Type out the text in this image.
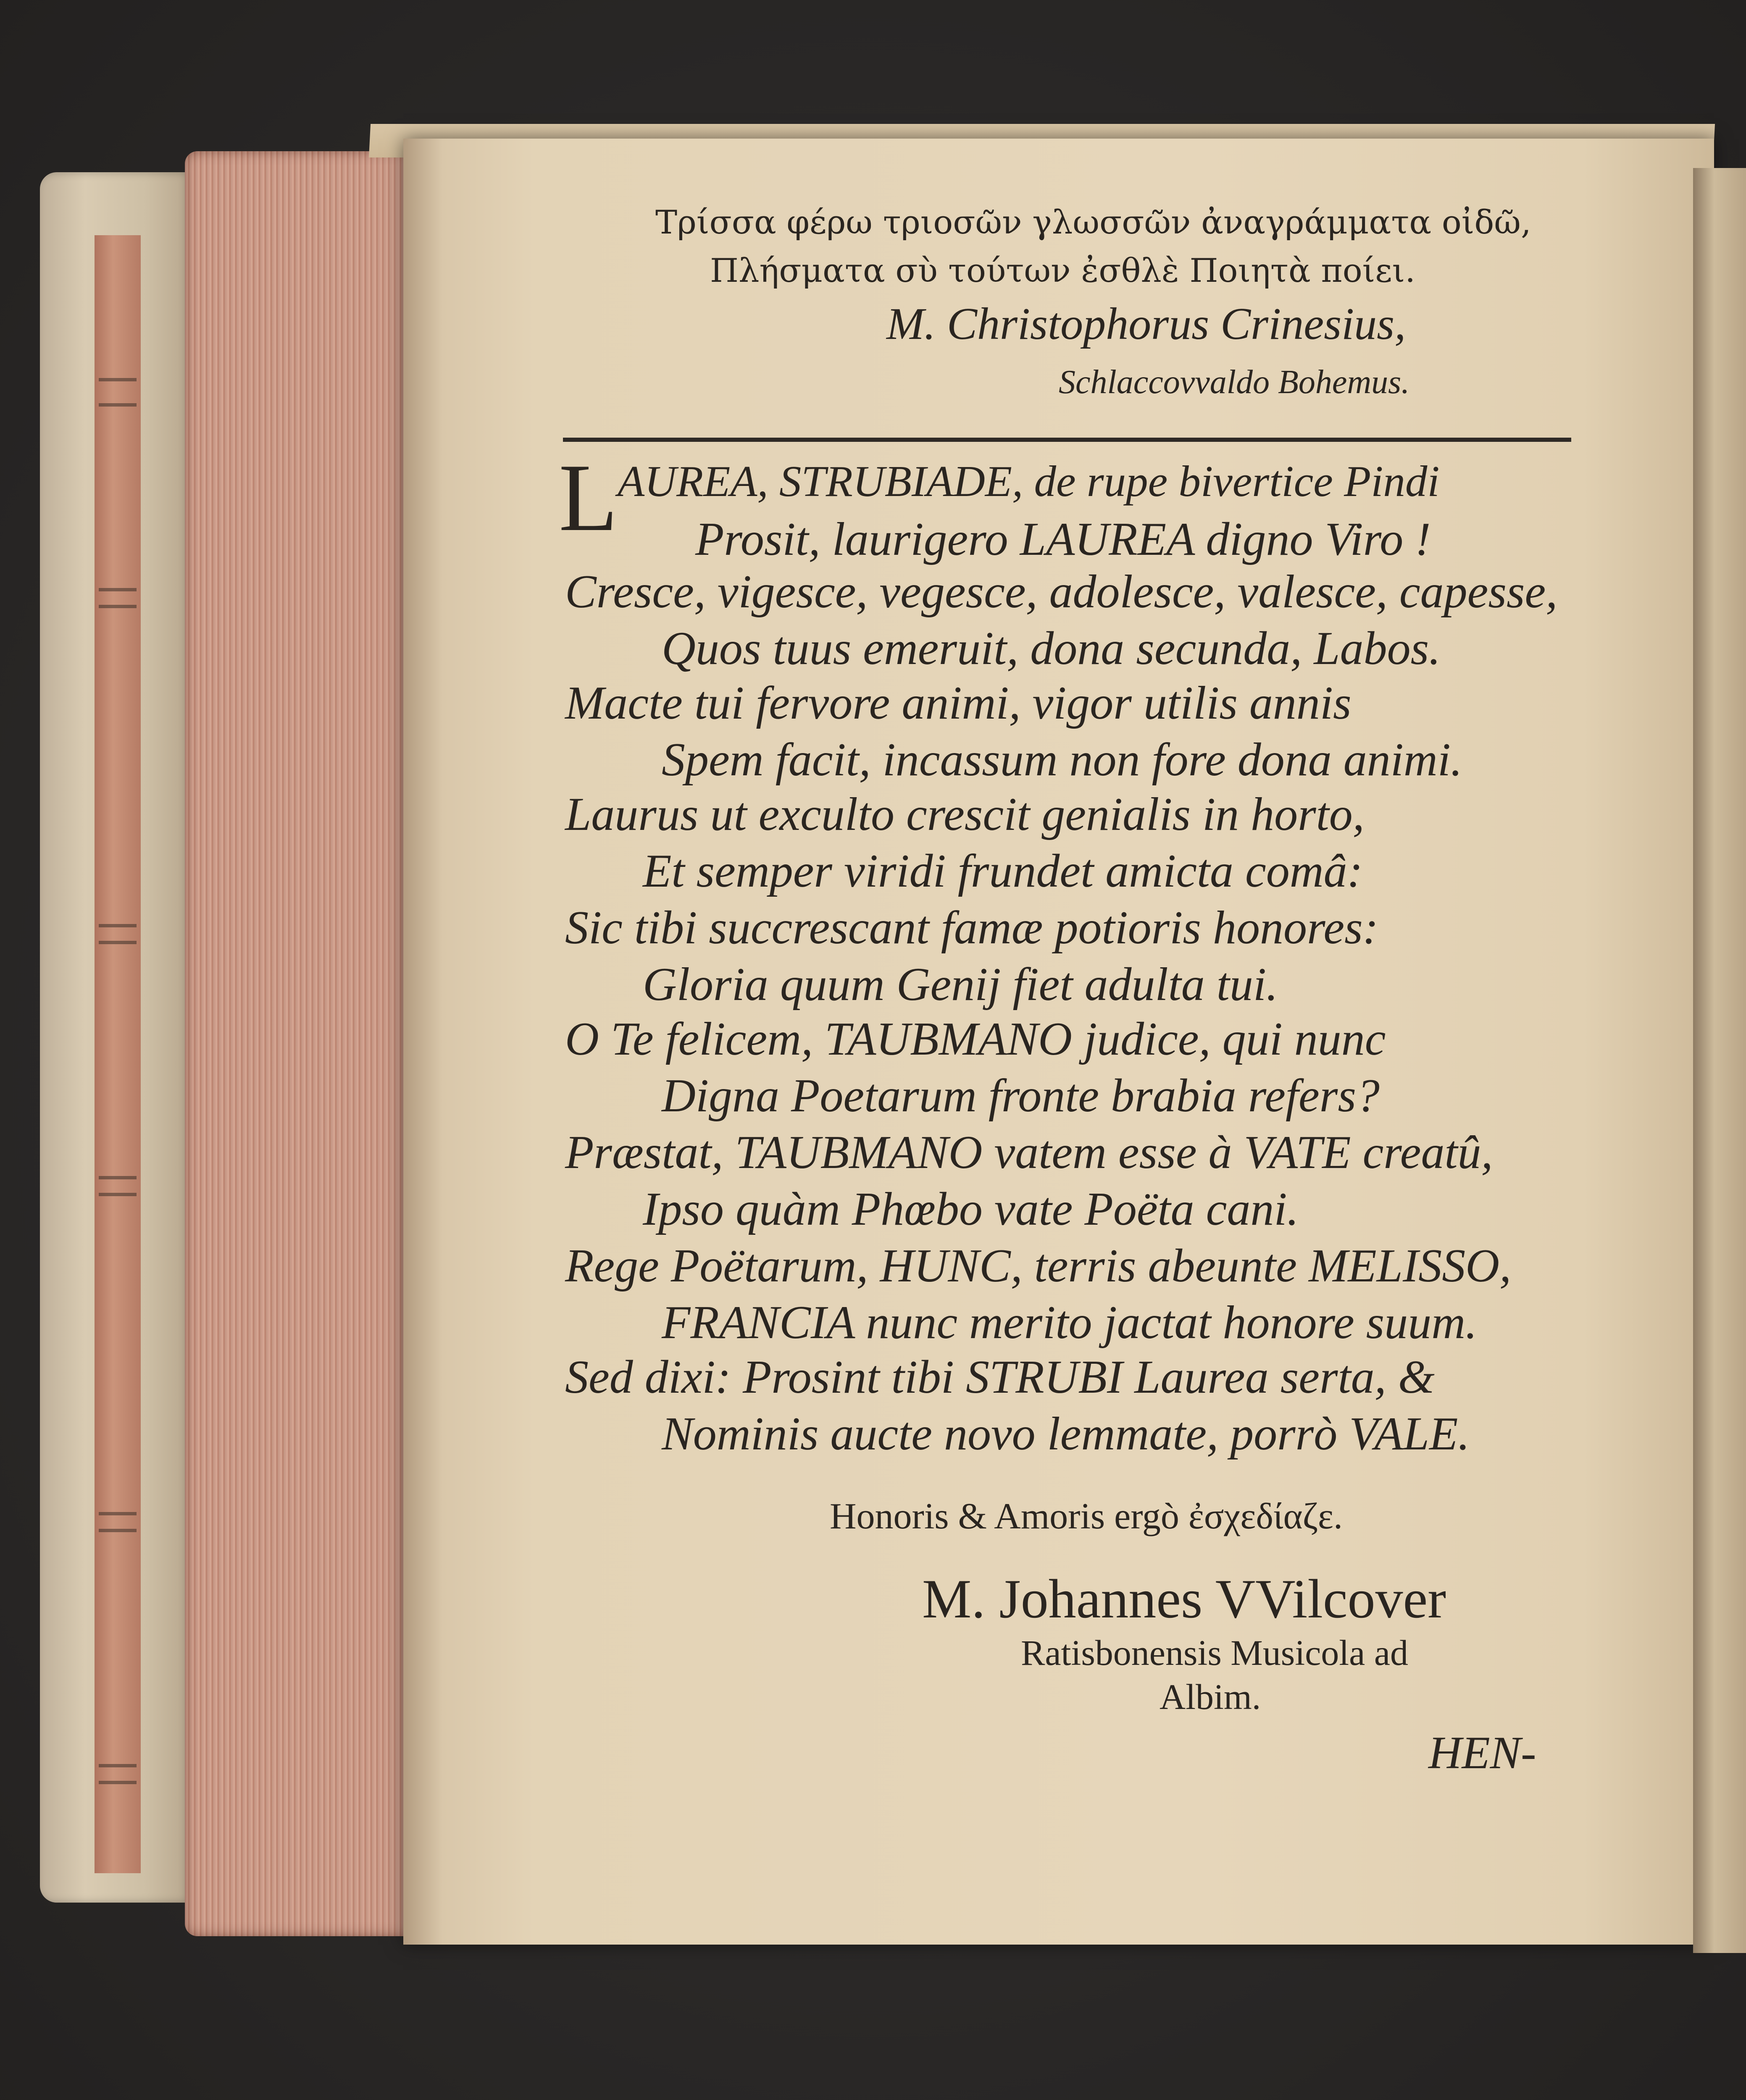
Τρίσσα φέρω τριοσῶν γλωσσῶν ἀναγράμματα οἰδῶ,
Πλήσματα σὺ τούτων ἐσθλὲ Ποιητὰ ποίει.
M. Christophorus Crinesius,
Schlaccovvaldo Bohemus.
L AUREA, STRUBIADE, de rupe bivertice Pindi
Prosit, laurigero LAUREA digno Viro !
Cresce, vigesce, vegesce, adolesce, valesce, capesse,
Quos tuus emeruit, dona secunda, Labos.
Macte tui fervore animi, vigor utilis annis
Spem facit, incassum non fore dona animi.
Laurus ut exculto crescit genialis in horto,
Et semper viridi frundet amicta comâ:
Sic tibi succrescant famæ potioris honores:
Gloria quum Genij fiet adulta tui.
O Te felicem, TAUBMANO judice, qui nunc
Digna Poetarum fronte brabia refers?
Præstat, TAUBMANO vatem esse à VATE creatû,
Ipso quàm Phœbo vate Poëta cani.
Rege Poëtarum, HUNC, terris abeunte MELISSO,
FRANCIA nunc merito jactat honore suum.
Sed dixi: Prosint tibi STRUBI Laurea serta, &
Nominis aucte novo lemmate, porrò VALE.
Honoris & Amoris ergò ἐσχεδίαζε.
M. Johannes VVilcover
Ratisbonensis Musicola ad
Albim.
HEN-
